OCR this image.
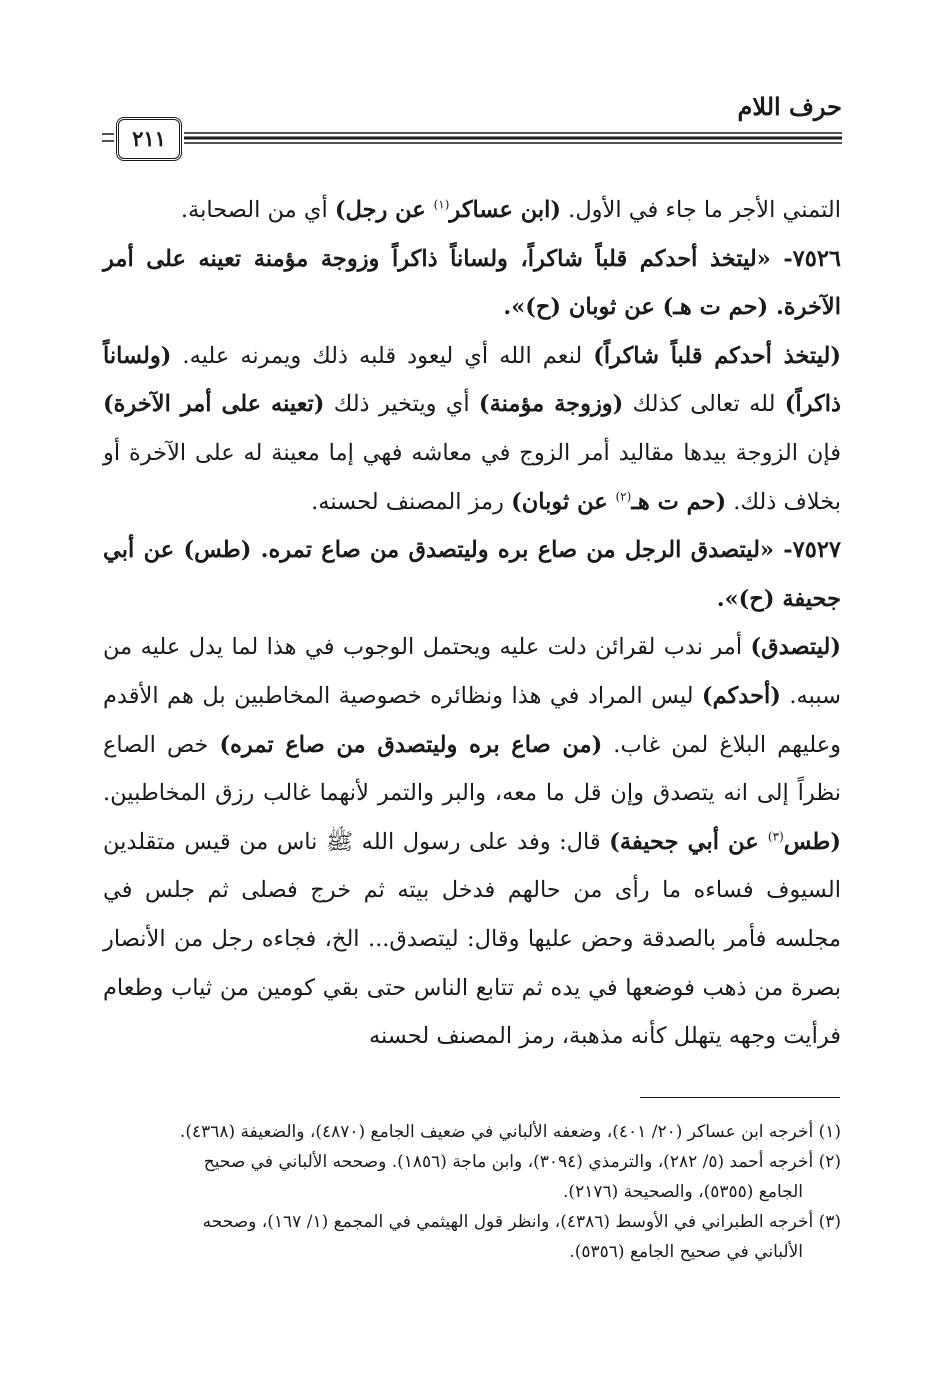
حرف اللام
٢١١

التمني الأجر ما جاء في الأول. (ابن عساكر$^{(١)}$ عن رجل) أي من الصحابة.

٧٥٢٦- «ليتخذ أحدكم قلباً شاكراً، ولساناً ذاكراً وزوجة مؤمنة تعينه على أمر الآخرة. (حم ت هـ) عن ثوبان (ح)».

(ليتخذ أحدكم قلباً شاكراً) لنعم الله أي ليعود قلبه ذلك ويمرنه عليه. (ولساناً ذاكراً) لله تعالى كذلك (وزوجة مؤمنة) أي ويتخير ذلك (تعينه على أمر الآخرة) فإن الزوجة بيدها مقاليد أمر الزوج في معاشه فهي إما معينة له على الآخرة أو بخلاف ذلك. (حم ت هـ$^{(٢)}$ عن ثوبان) رمز المصنف لحسنه.

٧٥٢٧- «ليتصدق الرجل من صاع بره وليتصدق من صاع تمره. (طس) عن أبي جحيفة (ح)».

(ليتصدق) أمر ندب لقرائن دلت عليه ويحتمل الوجوب في هذا لما يدل عليه من سببه. (أحدكم) ليس المراد في هذا ونظائره خصوصية المخاطبين بل هم الأقدم وعليهم البلاغ لمن غاب. (من صاع بره وليتصدق من صاع تمره) خص الصاع نظراً إلى انه يتصدق وإن قل ما معه، والبر والتمر لأنهما غالب رزق المخاطبين. (طس$^{(٣)}$ عن أبي جحيفة) قال: وفد على رسول الله ﷺ ناس من قيس متقلدين السيوف فساءه ما رأى من حالهم فدخل بيته ثم خرج فصلى ثم جلس في مجلسه فأمر بالصدقة وحض عليها وقال: ليتصدق... الخ، فجاءه رجل من الأنصار بصرة من ذهب فوضعها في يده ثم تتابع الناس حتى بقي كومين من ثياب وطعام فرأيت وجهه يتهلل كأنه مذهبة، رمز المصنف لحسنه

(١) أخرجه ابن عساكر (٢٠/ ٤٠١)، وضعفه الألباني في ضعيف الجامع (٤٨٧٠)، والضعيفة (٤٣٦٨).

(٢) أخرجه أحمد (٥/ ٢٨٢)، والترمذي (٣٠٩٤)، وابن ماجة (١٨٥٦). وصححه الألباني في صحيح

الجامع (٥٣٥٥)، والصحيحة (٢١٧٦).

(٣) أخرجه الطبراني في الأوسط (٤٣٨٦)، وانظر قول الهيثمي في المجمع (١/ ١٦٧)، وصححه

الألباني في صحيح الجامع (٥٣٥٦).
